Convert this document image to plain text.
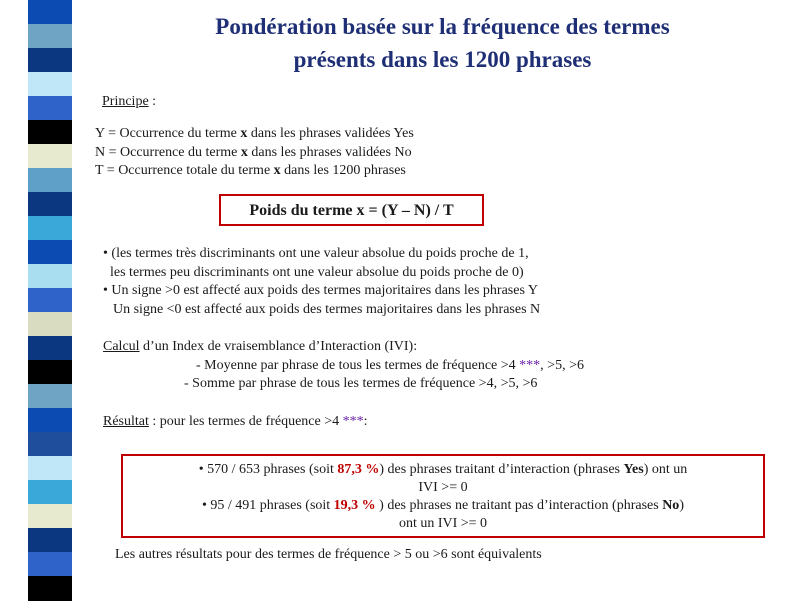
Pondération basée sur la fréquence des termes
présents dans les 1200 phrases
Principe :
Y = Occurrence du terme x dans les phrases validées Yes
N = Occurrence du terme x dans les phrases validées No
T = Occurrence totale du terme x dans les 1200 phrases
Poids du terme x = (Y – N) / T
• (les termes très discriminants ont une valeur absolue du poids proche de 1,
les termes peu discriminants ont une valeur absolue du poids proche de 0)
• Un signe >0 est affecté aux poids des termes majoritaires dans les phrases Y
Un signe <0 est affecté aux poids des termes majoritaires dans les phrases N
Calcul d’un Index de vraisemblance d’Interaction (IVI):
- Moyenne par phrase de tous les termes de fréquence >4 ***, >5, >6
- Somme par phrase de tous les termes de fréquence >4, >5, >6
Résultat : pour les termes de fréquence >4 ***:
• 570 / 653 phrases (soit 87,3 %) des phrases traitant d’interaction (phrases Yes) ont un
IVI >= 0
• 95 / 491 phrases (soit 19,3 % ) des phrases ne traitant pas d’interaction (phrases No)
ont un IVI >= 0
Les autres résultats pour des termes de fréquence > 5 ou >6 sont équivalents
